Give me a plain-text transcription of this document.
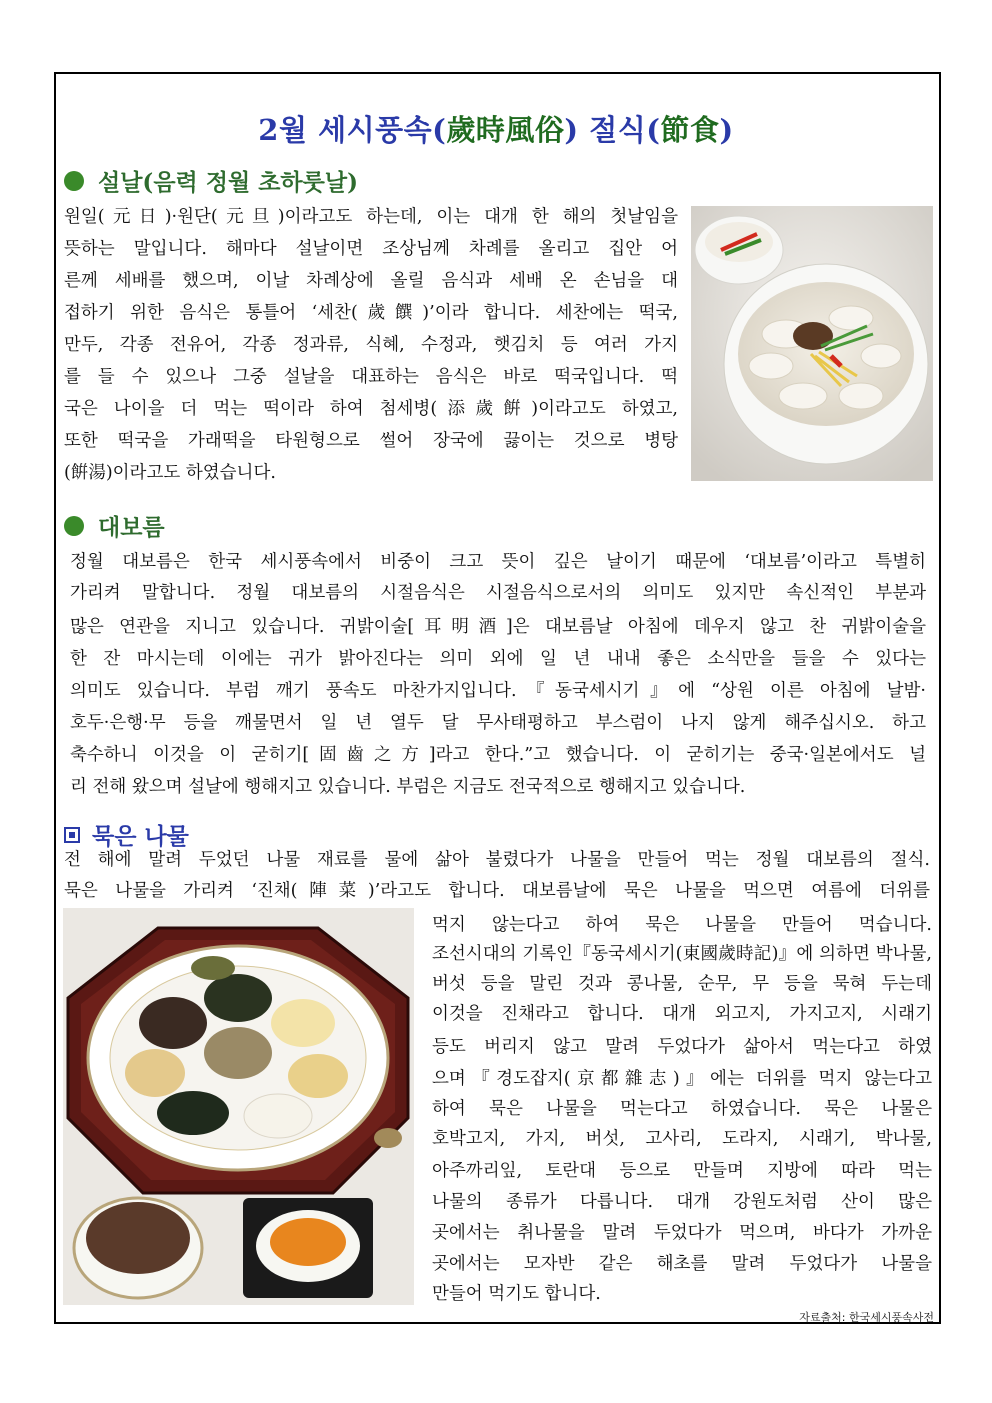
2월 세시풍속(歲時風俗) 절식(節食)
설날(음력 정월 초하룻날)
원일(元日)·원단(元旦)이라고도 하는데, 이는 대개 한 해의 첫날임을
뜻하는 말입니다. 해마다 설날이면 조상님께 차례를 올리고 집안 어
른께 세배를 했으며, 이날 차례상에 올릴 음식과 세배 온 손님을 대
접하기 위한 음식은 통틀어 ‘세찬(歲饌)’이라 합니다. 세찬에는 떡국,
만두, 각종 전유어, 각종 정과류, 식혜, 수정과, 햇김치 등 여러 가지
를 들 수 있으나 그중 설날을 대표하는 음식은 바로 떡국입니다. 떡
국은 나이을 더 먹는 떡이라 하여 첨세병(添歲餠)이라고도 하였고,
또한 떡국을 가래떡을 타원형으로 썰어 장국에 끓이는 것으로 병탕
(餠湯)이라고도 하였습니다.
대보름
정월 대보름은 한국 세시풍속에서 비중이 크고 뜻이 깊은 날이기 때문에 ‘대보름’이라고 특별히
가리켜 말합니다. 정월 대보름의 시절음식은 시절음식으로서의 의미도 있지만 속신적인 부분과
많은 연관을 지니고 있습니다. 귀밝이술[耳明酒]은 대보름날 아침에 데우지 않고 찬 귀밝이술을
한 잔 마시는데 이에는 귀가 밝아진다는 의미 외에 일 년 내내 좋은 소식만을 들을 수 있다는
의미도 있습니다. 부럼 깨기 풍속도 마찬가지입니다.『동국세시기』에 “상원 이른 아침에 날밤·
호두·은행·무 등을 깨물면서 일 년 열두 달 무사태평하고 부스럼이 나지 않게 해주십시오. 하고
축수하니 이것을 이 굳히기[固齒之方]라고 한다.”고 했습니다. 이 굳히기는 중국·일본에서도 널
리 전해 왔으며 설날에 행해지고 있습니다. 부럼은 지금도 전국적으로 행해지고 있습니다.
묵은 나물
전 해에 말려 두었던 나물 재료를 물에 삶아 불렸다가 나물을 만들어 먹는 정월 대보름의 절식.
묵은 나물을 가리켜 ‘진채(陣菜)’라고도 합니다. 대보름날에 묵은 나물을 먹으면 여름에 더위를
먹지 않는다고 하여 묵은 나물을 만들어 먹습니다.
조선시대의 기록인『동국세시기(東國歲時記)』에 의하면 박나물,
버섯 등을 말린 것과 콩나물, 순무, 무 등을 묵혀 두는데
이것을 진채라고 합니다. 대개 외고지, 가지고지, 시래기
등도 버리지 않고 말려 두었다가 삶아서 먹는다고 하였
으며『경도잡지(京都雜志)』에는 더위를 먹지 않는다고
하여 묵은 나물을 먹는다고 하였습니다. 묵은 나물은
호박고지, 가지, 버섯, 고사리, 도라지, 시래기, 박나물,
아주까리잎, 토란대 등으로 만들며 지방에 따라 먹는
나물의 종류가 다릅니다. 대개 강원도처럼 산이 많은
곳에서는 취나물을 말려 두었다가 먹으며, 바다가 가까운
곳에서는 모자반 같은 해초를 말려 두었다가 나물을
만들어 먹기도 합니다.
자료출처: 한국세시풍속사전
